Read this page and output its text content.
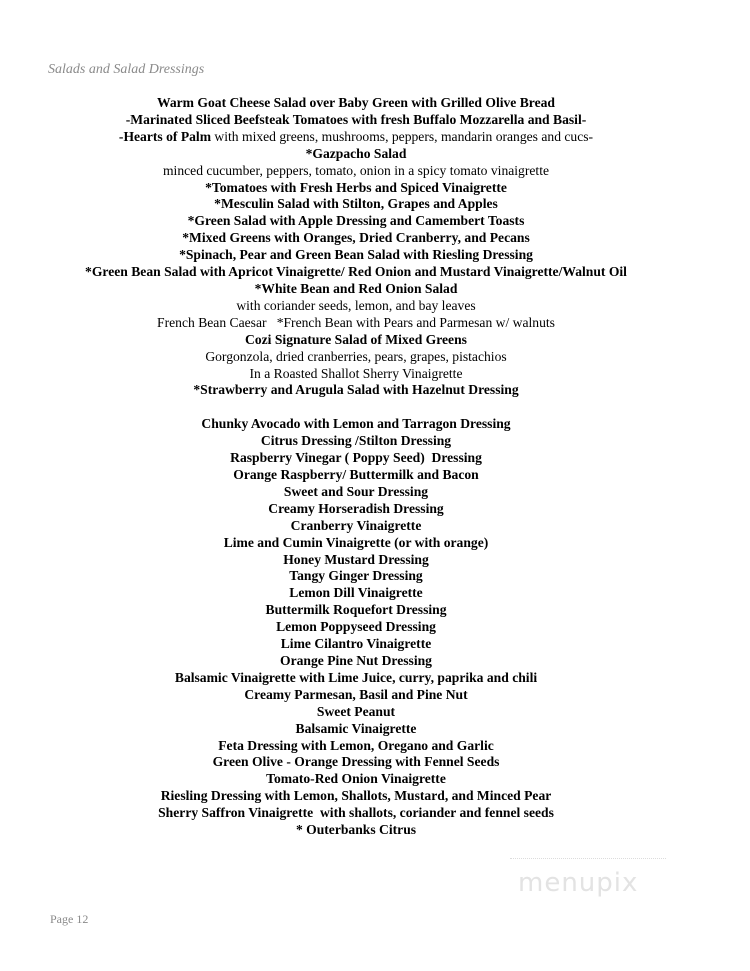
Salads and Salad Dressings
Warm Goat Cheese Salad over Baby Green with Grilled Olive Bread
-Marinated Sliced Beefsteak Tomatoes with fresh Buffalo Mozzarella and Basil-
-Hearts of Palm with mixed greens, mushrooms, peppers, mandarin oranges and cucs-
*Gazpacho Salad
minced cucumber, peppers, tomato, onion in a spicy tomato vinaigrette
*Tomatoes with Fresh Herbs and Spiced Vinaigrette
*Mesculin Salad with Stilton, Grapes and Apples
*Green Salad with Apple Dressing and Camembert Toasts
*Mixed Greens with Oranges, Dried Cranberry, and Pecans
*Spinach, Pear and Green Bean Salad with Riesling Dressing
*Green Bean Salad with Apricot Vinaigrette/ Red Onion and Mustard Vinaigrette/Walnut Oil
*White Bean and Red Onion Salad
with coriander seeds, lemon, and bay leaves
French Bean Caesar   *French Bean with Pears and Parmesan w/ walnuts
Cozi Signature Salad of Mixed Greens
Gorgonzola, dried cranberries, pears, grapes, pistachios
In a Roasted Shallot Sherry Vinaigrette
*Strawberry and Arugula Salad with Hazelnut Dressing
Chunky Avocado with Lemon and Tarragon Dressing
Citrus Dressing /Stilton Dressing
Raspberry Vinegar ( Poppy Seed)  Dressing
Orange Raspberry/ Buttermilk and Bacon
Sweet and Sour Dressing
Creamy Horseradish Dressing
Cranberry Vinaigrette
Lime and Cumin Vinaigrette (or with orange)
Honey Mustard Dressing
Tangy Ginger Dressing
Lemon Dill Vinaigrette
Buttermilk Roquefort Dressing
Lemon Poppyseed Dressing
Lime Cilantro Vinaigrette
Orange Pine Nut Dressing
Balsamic Vinaigrette with Lime Juice, curry, paprika and chili
Creamy Parmesan, Basil and Pine Nut
Sweet Peanut
Balsamic Vinaigrette
Feta Dressing with Lemon, Oregano and Garlic
Green Olive - Orange Dressing with Fennel Seeds
Tomato-Red Onion Vinaigrette
Riesling Dressing with Lemon, Shallots, Mustard, and Minced Pear
Sherry Saffron Vinaigrette  with shallots, coriander and fennel seeds
* Outerbanks Citrus
menupix
Page 12
